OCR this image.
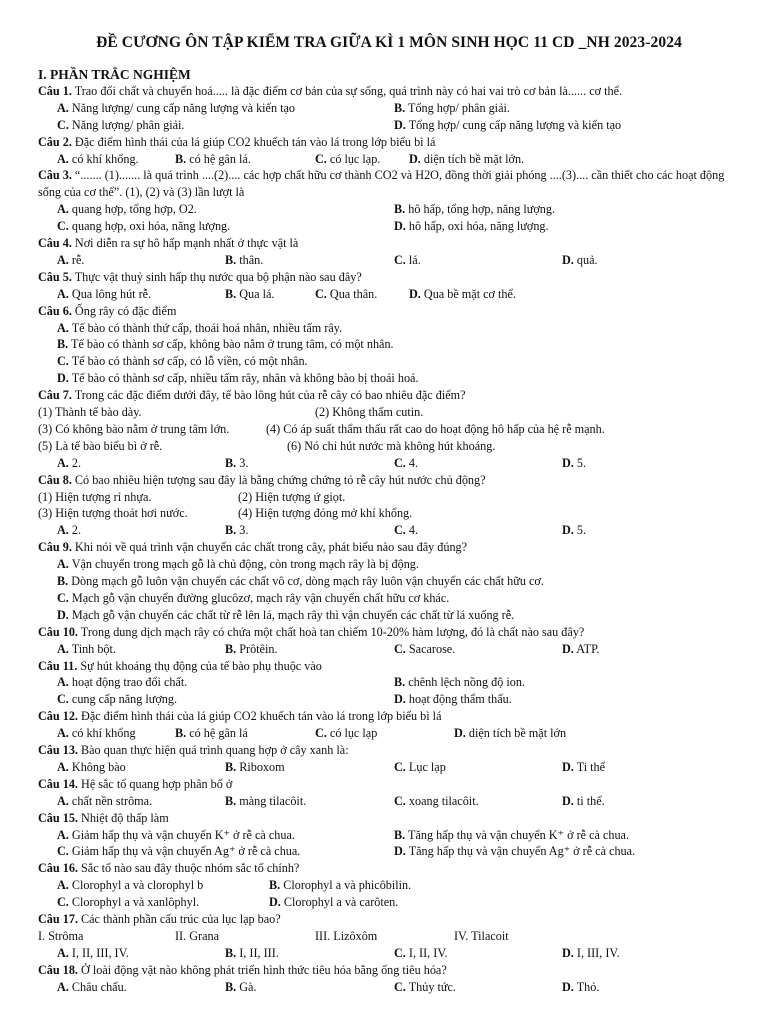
ĐỀ CƯƠNG ÔN TẬP KIỂM TRA GIỮA KÌ 1 MÔN SINH HỌC 11 CD _NH 2023-2024
I. PHẦN TRẮC NGHIỆM

Câu 1. Trao đổi chất và chuyển hoá..... là đặc điểm cơ bản của sự sống, quá trình này có hai vai trò cơ bản là...... cơ thể.

A. Năng lượng/ cung cấp năng lượng và kiến tạo	B. Tổng hợp/ phân giải.
C. Năng lượng/ phân giải.	D. Tổng hợp/ cung cấp năng lượng và kiến tạo

Câu 2. Đặc điểm hình thái của lá giúp CO2 khuếch tán vào lá trong lớp biểu bì lá

A. có khí khổng.	B. có hệ gân lá.	C. có lục lạp. D. diện tích bề mặt lớn.

Câu 3. “....... (1)....... là quá trình ....(2).... các hợp chất hữu cơ thành CO2 và H2O, đồng thời giải phóng ....(3).... cần thiết cho các hoạt động sống của cơ thể”. (1), (2) và (3) lần lượt là

A. quang hợp, tổng hợp, O2.	B. hô hấp, tổng hợp, năng lượng.
C. quang hợp, oxi hóa, năng lượng.	D. hô hấp, oxi hóa, năng lượng.

Câu 4. Nơi diễn ra sự hô hấp mạnh nhất ở thực vật là

A. rễ.	B. thân.	C. lá.	D. quả.

Câu 5. Thực vật thuỷ sinh hấp thụ nước qua bộ phận nào sau đây?

A. Qua lông hút rễ.	B. Qua lá.	C. Qua thân.	D. Qua bề mặt cơ thể.

Câu 6. Ống rây có đặc điểm

A. Tế bào có thành thứ cấp, thoái hoá nhân, nhiều tấm rây.

B. Tế bào có thành sơ cấp, không bào nằm ở trung tâm, có một nhân.

C. Tế bào có thành sơ cấp, có lỗ viền, có một nhân.

D. Tế bào có thành sơ cấp, nhiều tấm rây, nhân và không bào bị thoái hoá.

Câu 7. Trong các đặc điểm dưới đây, tế bào lông hút của rễ cây có bao nhiêu đặc điểm?

(1) Thành tế bào dày.	(2) Không thấm cutin.
(3) Có không bào nằm ở trung tâm lớn.	(4) Có áp suất thẩm thấu rất cao do hoạt động hô hấp của hệ rễ mạnh.
(5) Là tế bào biểu bì ở rễ.	(6) Nó chỉ hút nước mà không hút khoáng.
A. 2.	B. 3.	C. 4.	D. 5.

Câu 8. Có bao nhiêu hiện tượng sau đây là bằng chứng chứng tỏ rễ cây hút nước chủ động?

(1) Hiện tượng rỉ nhựa.	(2) Hiện tượng ứ giọt.
(3) Hiện tượng thoát hơi nước.	(4) Hiện tượng đóng mở khí khổng.
A. 2.	B. 3.	C. 4.	D. 5.

Câu 9. Khi nói về quá trình vận chuyển các chất trong cây, phát biểu nào sau đây đúng?

A. Vận chuyển trong mạch gỗ là chủ động, còn trong mạch rây là bị động.

B. Dòng mạch gỗ luôn vận chuyển các chất vô cơ, dòng mạch rây luôn vận chuyển các chất hữu cơ.

C. Mạch gỗ vận chuyển đường glucôzơ, mạch rây vận chuyển chất hữu cơ khác.

D. Mạch gỗ vận chuyển các chất từ rễ lên lá, mạch rây thì vận chuyển các chất từ lá xuống rễ.

Câu 10. Trong dung dịch mạch rây có chứa một chất hoà tan chiếm 10-20% hàm lượng, đó là chất nào sau đây?

A. Tinh bột.	B. Prôtêin.	C. Sacarose.	D. ATP.

Câu 11. Sự hút khoáng thụ động của tế bào phụ thuộc vào

A. hoạt động trao đổi chất.	B. chênh lệch nồng độ ion.
C. cung cấp năng lượng.	D. hoạt động thẩm thấu.

Câu 12. Đặc điểm hình thái của lá giúp CO2 khuếch tán vào lá trong lớp biểu bì lá

A. có khí khổng	B. có hệ gân lá	C. có lục lạp	D. diện tích bề mặt lớn

Câu 13. Bào quan thực hiện quá trình quang hợp ở cây xanh là:

A. Không bào	B. Riboxom	C. Lục lạp	D. Ti thể

Câu 14. Hệ sắc tố quang hợp phân bố ở

A. chất nền strôma.	B. màng tilacôit.	C. xoang tilacôit.	D. ti thể.

Câu 15. Nhiệt độ thấp làm

A. Giảm hấp thụ và vận chuyển K⁺ ở rễ cà chua.	B. Tăng hấp thụ và vận chuyển K⁺ ở rễ cà chua.
C. Giảm hấp thụ và vận chuyển Ag⁺ ở rễ cà chua.	D. Tăng hấp thụ và vận chuyển Ag⁺ ở rễ cà chua.

Câu 16. Sắc tố nào sau đây thuộc nhóm sắc tố chính?

A. Clorophyl a và clorophyl b	B. Clorophyl a và phicôbilin.
C. Clorophyl a và xanlôphyl.	D. Clorophyl a và carôten.

Câu 17. Các thành phần cấu trúc của lục lạp bao?

I. Strôma	II. Grana	III. Lizôxôm	IV. Tilacoit
A. I, II, III, IV.	B. I, II, III.	C. I, II, IV.	D. I, III, IV.

Câu 18. Ở loài động vật nào không phát triển hình thức tiêu hóa bằng ống tiêu hóa?

A. Châu chấu.	B. Gà.	C. Thủy tức.	D. Thỏ.
